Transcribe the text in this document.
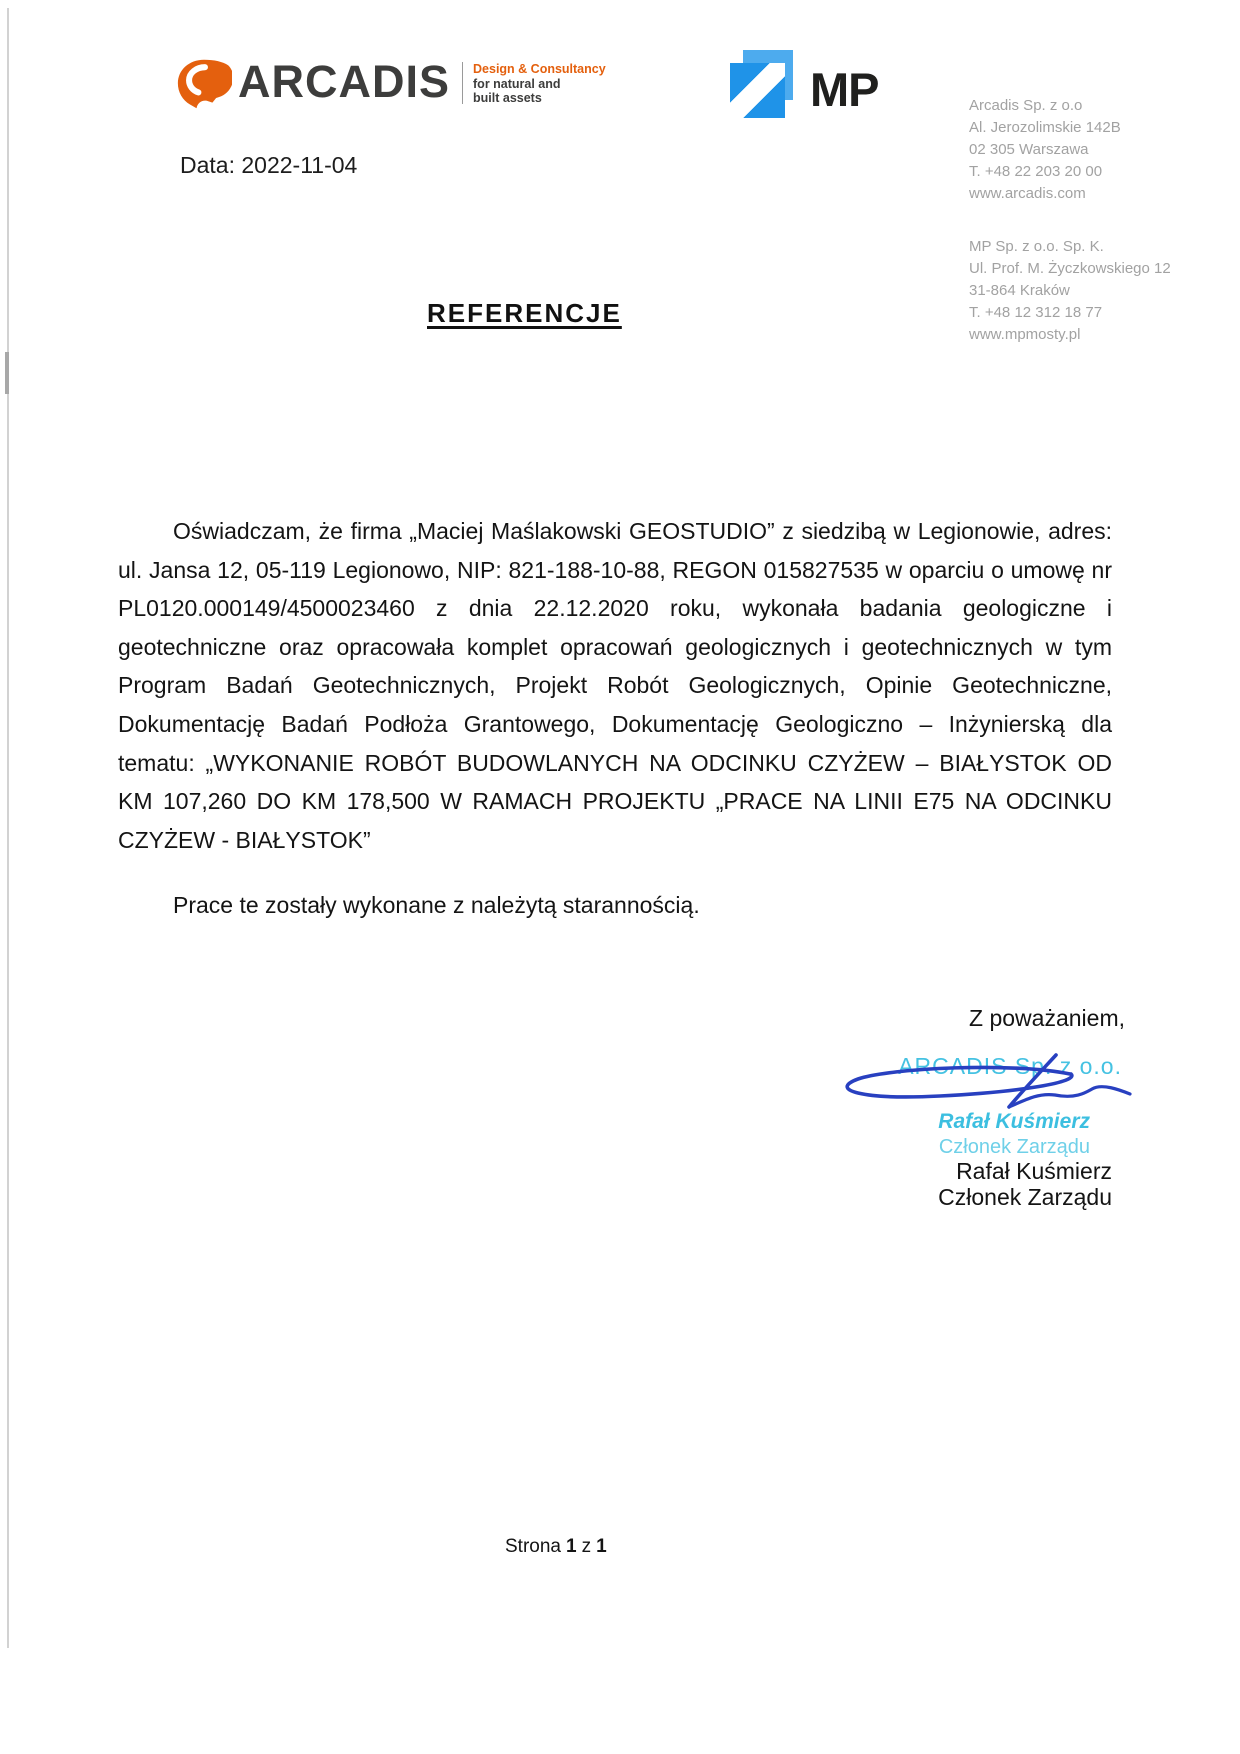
ARCADIS Design & Consultancy
for natural and
built assets	MP	Arcadis Sp. z o.o
Al. Jerozolimskie 142B
02 305 Warszawa
T. +48 22 203 20 00
www.arcadis.com
MP Sp. z o.o. Sp. K.
Ul. Prof. M. Życzkowskiego 12
31-864 Kraków
T. +48 12 312 18 77
www.mpmosty.pl
Data: 2022-11-04
REFERENCJE

Oświadczam, że firma „Maciej Maślakowski GEOSTUDIO” z siedzibą w Legionowie, adres: ul. Jansa 12, 05-119 Legionowo, NIP: 821-188-10-88, REGON 015827535 w oparciu o umowę nr PL0120.000149/4500023460 z dnia 22.12.2020 roku, wykonała badania geologiczne i geotechniczne oraz opracowała komplet opracowań geologicznych i geotechnicznych w tym Program Badań Geotechnicznych, Projekt Robót Geologicznych, Opinie Geotechniczne, Dokumentację Badań Podłoża Grantowego, Dokumentację Geologiczno – Inżynierską dla tematu: „WYKONANIE ROBÓT BUDOWLANYCH NA ODCINKU CZYŻEW – BIAŁYSTOK OD KM 107,260 DO KM 178,500 W RAMACH PROJEKTU „PRACE NA LINII E75 NA ODCINKU CZYŻEW - BIAŁYSTOK”

Prace te zostały wykonane z należytą starannością.

Z poważaniem,
ARCADIS Sp. z o.o.
Rafał Kuśmierz
Członek Zarządu
Rafał Kuśmierz
Członek Zarządu
Strona 1 z 1
